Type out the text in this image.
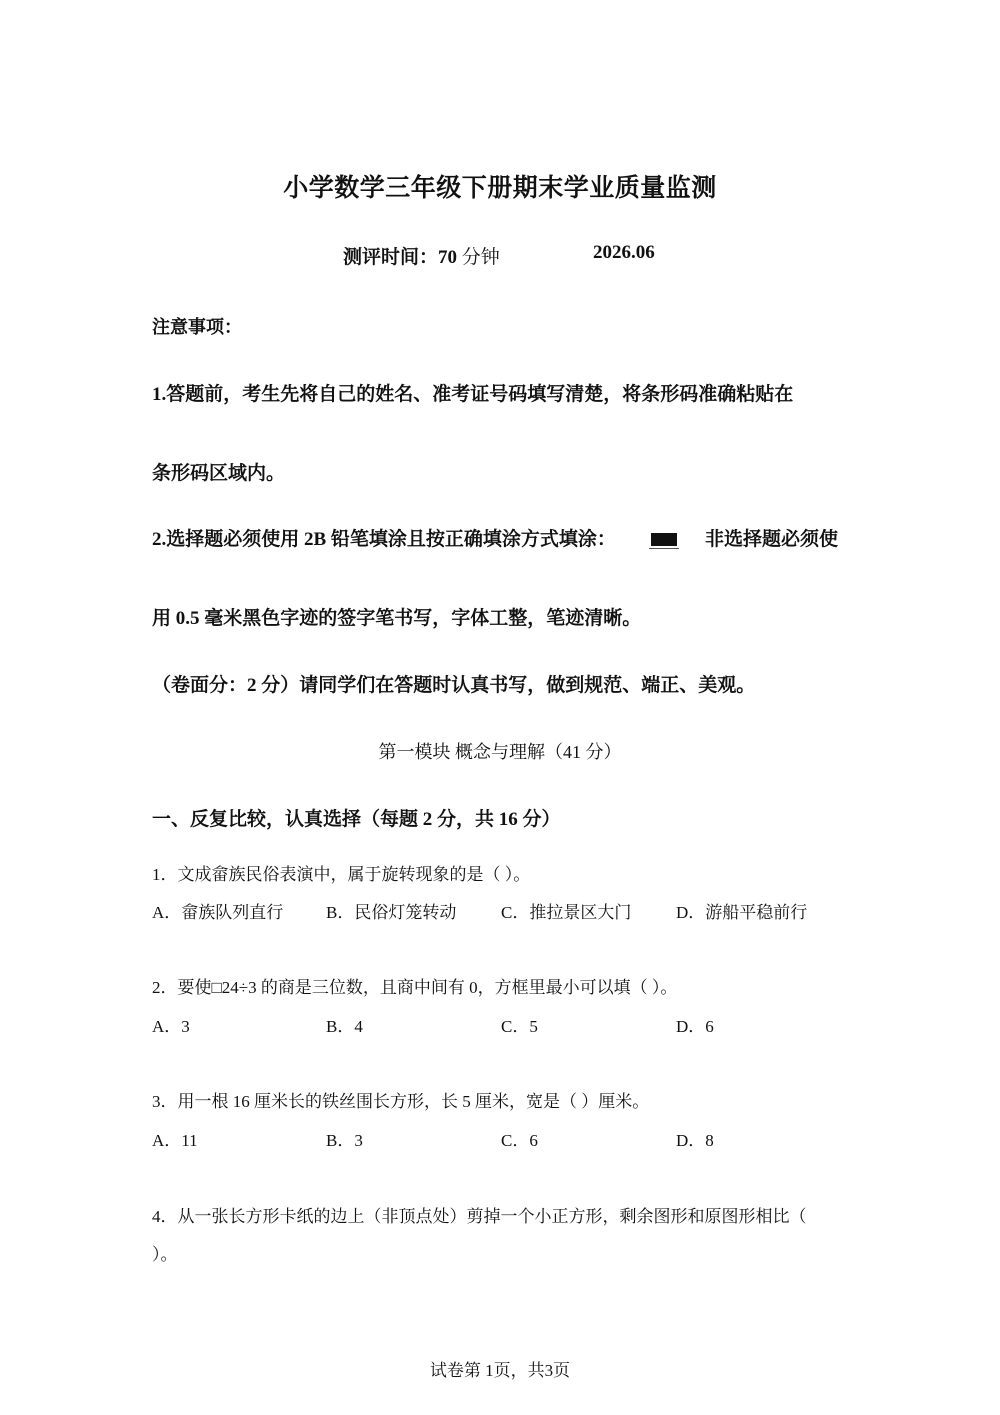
小学数学三年级下册期末学业质量监测
测评时间：70 分钟	2026.06
注意事项：
1.答题前，考生先将自己的姓名、准考证号码填写清楚，将条形码准确粘贴在
条形码区域内。
2.选择题必须使用 2B 铅笔填涂且按正确填涂方式填涂：	非选择题必须使
用 0.5 毫米黑色字迹的签字笔书写，字体工整，笔迹清晰。
（卷面分：2 分）请同学们在答题时认真书写，做到规范、端正、美观。
第一模块 概念与理解（41 分）
一、反复比较，认真选择（每题 2 分，共 16 分）
1．文成畲族民俗表演中，属于旋转现象的是（ ）。
A．畲族队列直行	B．民俗灯笼转动	C．推拉景区大门	D．游船平稳前行
2．要使□24÷3 的商是三位数，且商中间有 0，方框里最小可以填（ ）。
A．3	B．4	C．5	D．6
3．用一根 16 厘米长的铁丝围长方形，长 5 厘米，宽是（ ）厘米。
A．11	B．3	C．6	D．8
4．从一张长方形卡纸的边上（非顶点处）剪掉一个小正方形，剩余图形和原图形相比（
）。
试卷第 1页，共3页
